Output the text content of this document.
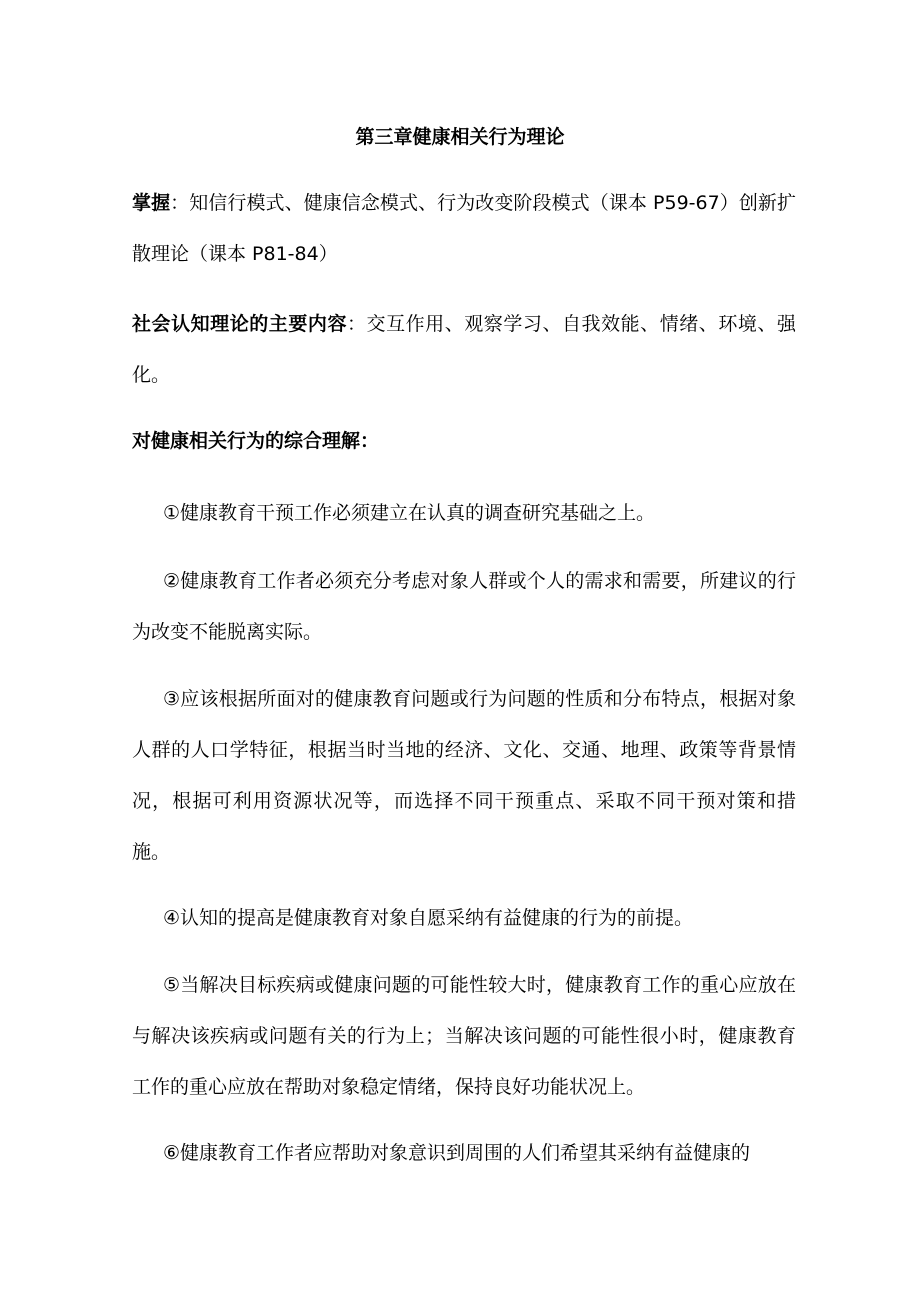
第三章健康相关行为理论
掌握：知信行模式、健康信念模式、行为改变阶段模式（课本 P59-67）创新扩散理论（课本 P81-84）
社会认知理论的主要内容：交互作用、观察学习、自我效能、情绪、环境、强化。
对健康相关行为的综合理解：
①健康教育干预工作必须建立在认真的调查研究基础之上。
②健康教育工作者必须充分考虑对象人群或个人的需求和需要，所建议的行为改变不能脱离实际。
③应该根据所面对的健康教育问题或行为问题的性质和分布特点，根据对象人群的人口学特征，根据当时当地的经济、文化、交通、地理、政策等背景情况，根据可利用资源状况等，而选择不同干预重点、采取不同干预对策和措施。
④认知的提高是健康教育对象自愿采纳有益健康的行为的前提。
⑤当解决目标疾病或健康问题的可能性较大时，健康教育工作的重心应放在与解决该疾病或问题有关的行为上；当解决该问题的可能性很小时，健康教育工作的重心应放在帮助对象稳定情绪，保持良好功能状况上。
⑥健康教育工作者应帮助对象意识到周围的人们希望其采纳有益健康的
